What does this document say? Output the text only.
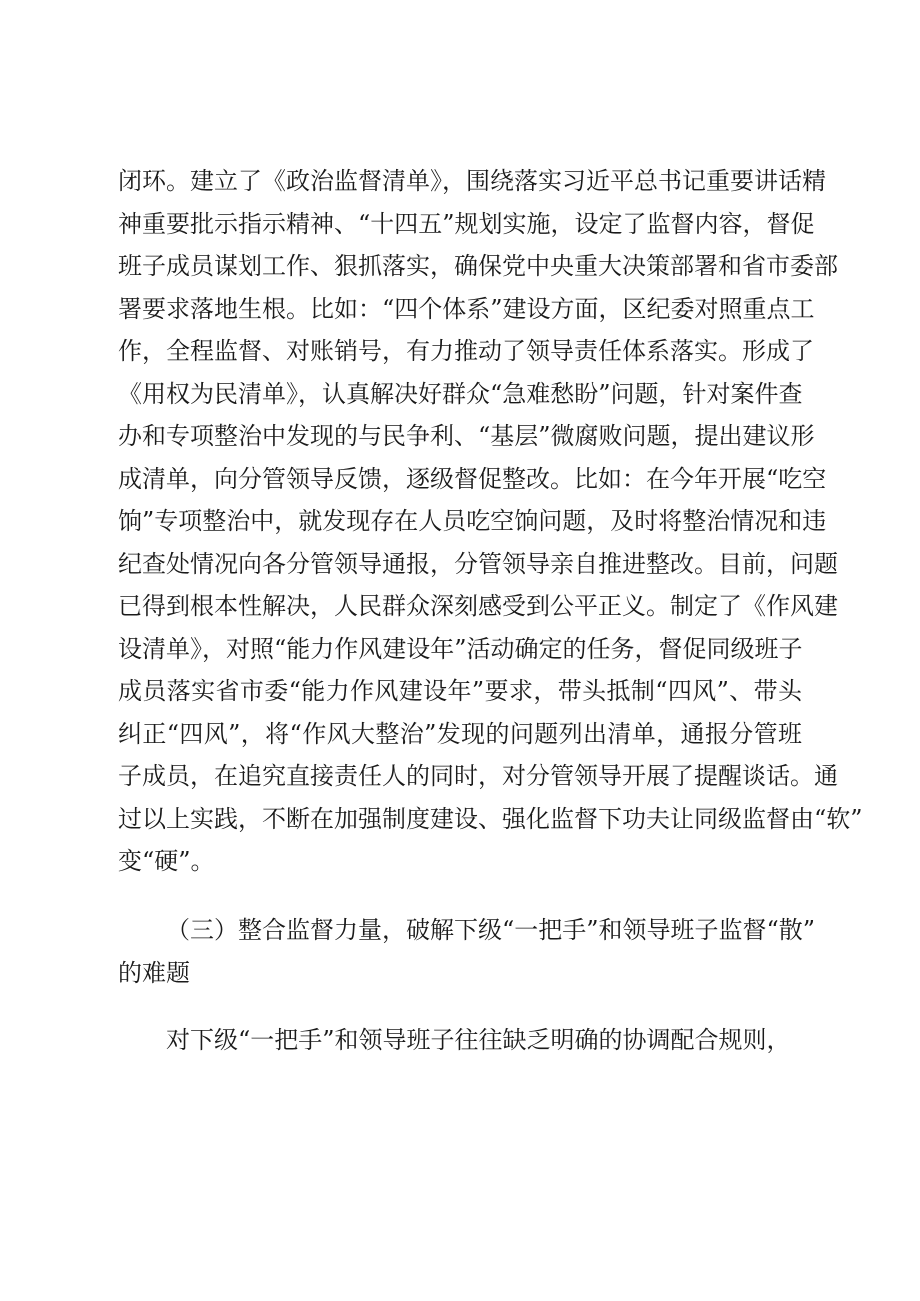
闭环。建立了《政治监督清单》，围绕落实习近平总书记重要讲话精
神重要批示指示精神、“十四五”规划实施，设定了监督内容，督促
班子成员谋划工作、狠抓落实，确保党中央重大决策部署和省市委部
署要求落地生根。比如：“四个体系”建设方面，区纪委对照重点工
作，全程监督、对账销号，有力推动了领导责任体系落实。形成了
《用权为民清单》，认真解决好群众“急难愁盼”问题，针对案件查
办和专项整治中发现的与民争利、“基层”微腐败问题，提出建议形
成清单，向分管领导反馈，逐级督促整改。比如：在今年开展“吃空
饷”专项整治中，就发现存在人员吃空饷问题，及时将整治情况和违
纪查处情况向各分管领导通报，分管领导亲自推进整改。目前，问题
已得到根本性解决，人民群众深刻感受到公平正义。制定了《作风建
设清单》，对照“能力作风建设年”活动确定的任务，督促同级班子
成员落实省市委“能力作风建设年”要求，带头抵制“四风”、带头
纠正“四风”，将“作风大整治”发现的问题列出清单，通报分管班
子成员，在追究直接责任人的同时，对分管领导开展了提醒谈话。通
过以上实践，不断在加强制度建设、强化监督下功夫让同级监督由“软”
变“硬”。
（三）整合监督力量，破解下级“一把手”和领导班子监督“散”
的难题
对下级“一把手”和领导班子往往缺乏明确的协调配合规则，
